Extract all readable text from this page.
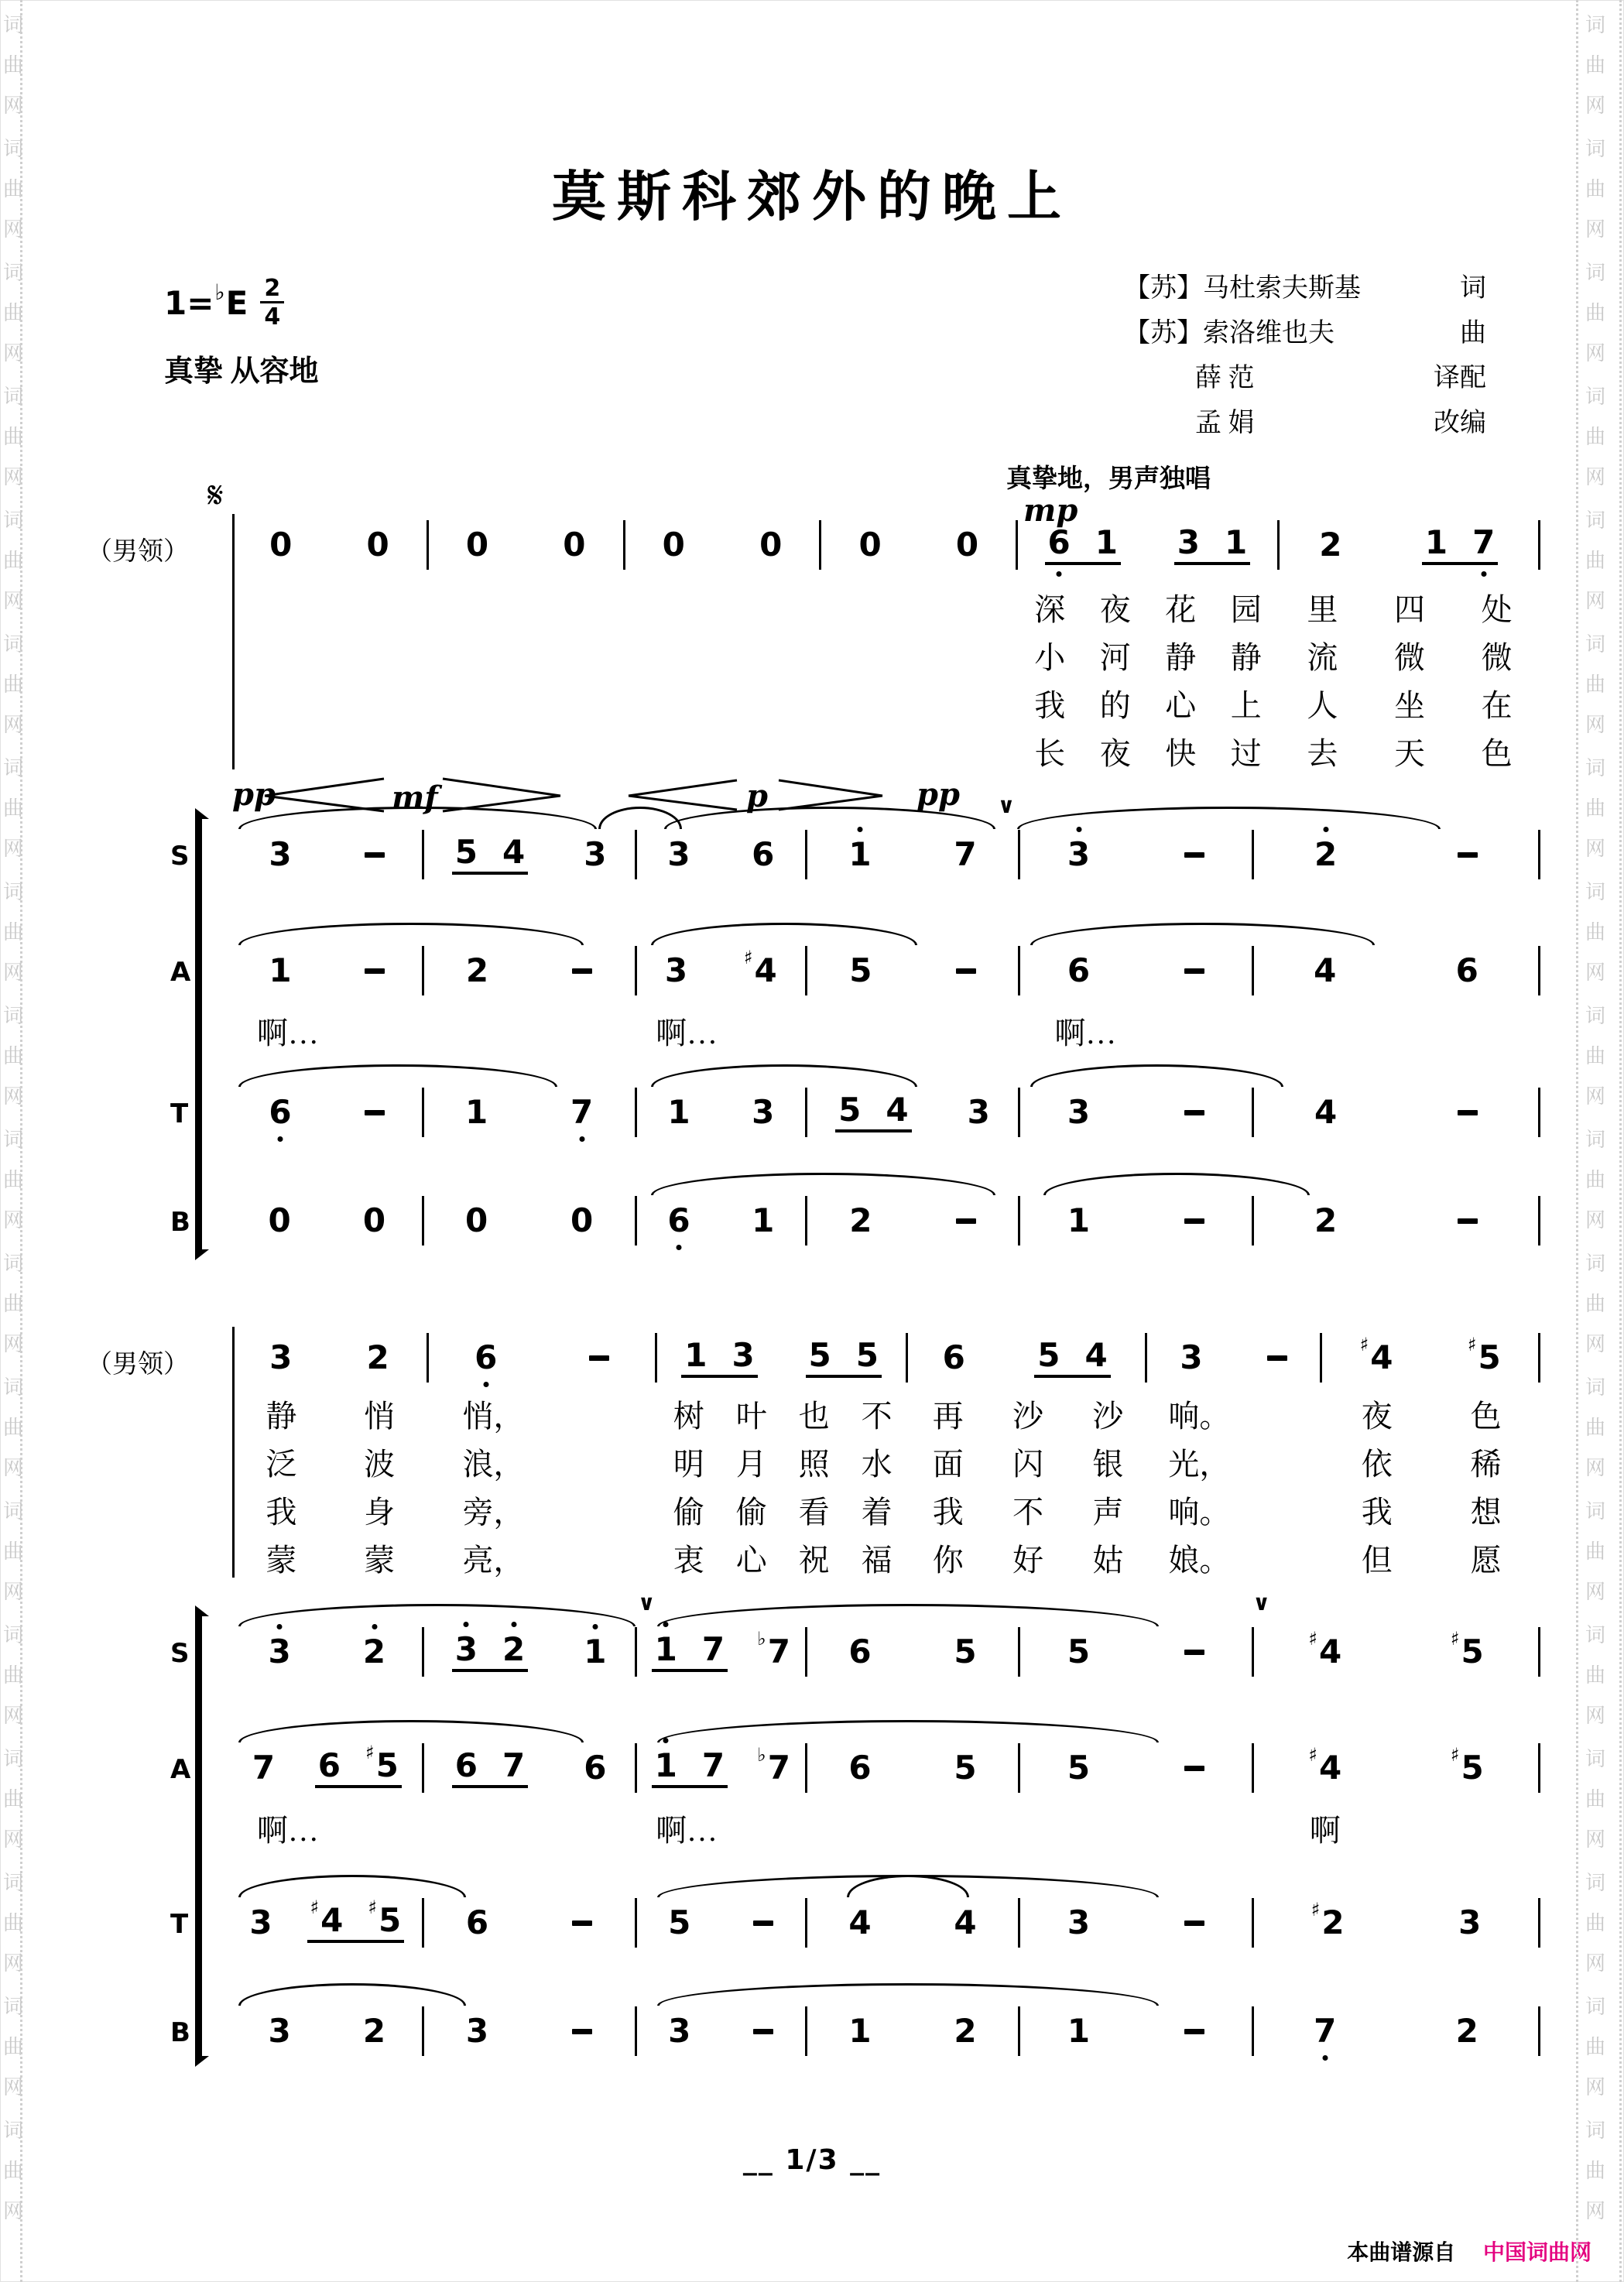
莫斯科郊外的晚上
1= ♭ E $\frac{2}{4}$
真挚 从容地
【苏】马杜索夫斯基	词
【苏】索洛维也夫	曲
薛 范	译配
孟 娟	改编
pp	mf	p	pp
0 0 0 0 0 0 0 0 6 1 3 1 2	1 7
深 夜 花 园 里 四 处
小 河 静 静 流 微 微
我 的 心 上 人 坐 在
长 夜 快 过 去 天 色
（男领）
𝄋	真挚地，男声独唱
mp
3	5 4 3 3 6 1	7	3	2
∨
S
1	2	3	♯ 4 5	6	4	6
A
啊…	啊…	啊…
6	1	7 1 3 5 4 3 3	4
T
0 0 0	0 6 1 2	1	2
B
3 2	6	1 3 5 5 6 5 4 3	♯ 4	♯ 5
静 悄 悄，	树 叶 也 不 再 沙 沙 响。	夜	色
泛 波 浪，	明 月 照 水 面 闪 银 光，	依	稀
我 身 旁，	偷 偷 看 着 我 不 声 响。	我	想
蒙 蒙 亮，	衷 心 祝 福 你 好 姑 娘。	但	愿
（男领）
3 2 3 2 1 1 7 ♭ 7 6	5	5	♯ 4	♯ 5
∨	∨
S
7 6 ♯ 5 6 7 6 1 7 ♭ 7 6	5	5	♯ 4	♯ 5
A
啊…	啊…	啊
3 ♯ 4 ♯ 5 6	5	4	4	3	♯ 2	3
T
3 2 3	3	1	2	1	7	2
B
__ 1/3 __
本曲谱源自 中国词曲网
词
曲
网
词
曲
网
词
曲
网
词
曲
网
词
曲
网
词
曲
网
词
曲
网
词
曲
网
词
曲
网
词
曲
网
词
曲
网
词
曲
网
词
曲
网
词
曲
网
词
曲
网
词
曲
网
词
曲
网
词
曲
网
词
曲
网
词
曲
网
词
曲
网
词
曲
网
词
曲
网
词
曲
网
词
曲
网
词
曲
网
词
曲
网
词
曲
网
词
曲
网
词
曲
网
词
曲
网
词
曲
网
词
曲
网
词
曲
网
词
曲
网
词
曲
网
